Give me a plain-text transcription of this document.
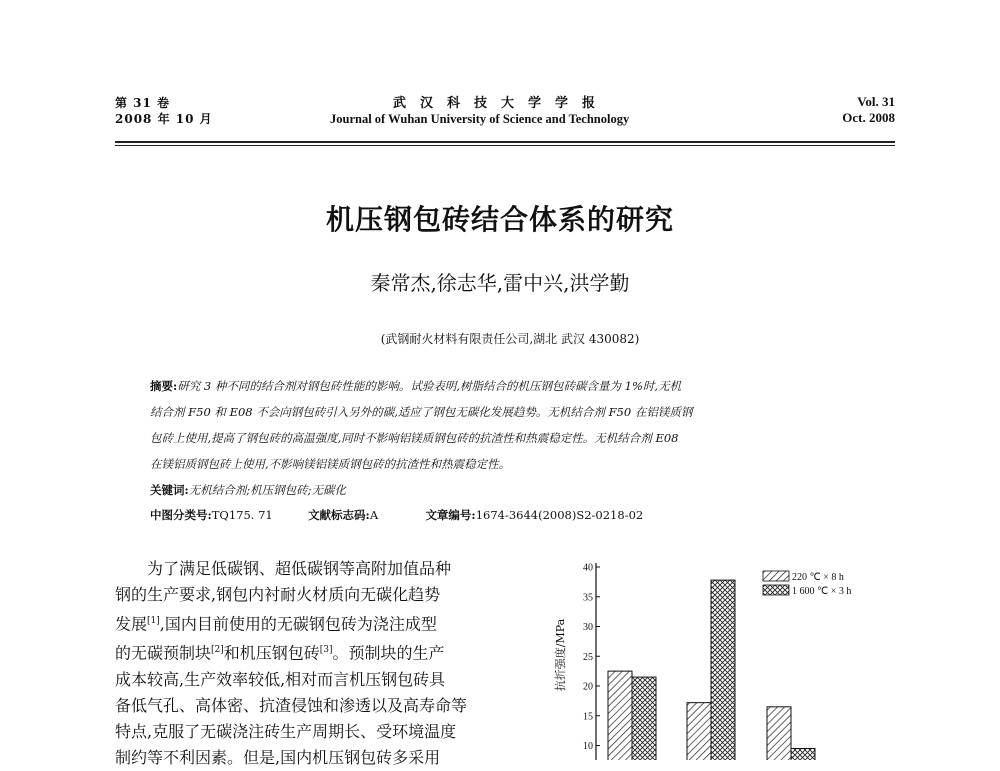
第 31 卷
2008 年 10 月
武汉科技大学学报
Journal of Wuhan University of Science and Technology
Vol. 31
Oct. 2008
机压钢包砖结合体系的研究
秦常杰,徐志华,雷中兴,洪学勤
(武钢耐火材料有限责任公司,湖北 武汉 430082)
摘要:研究 3 种不同的结合剂对钢包砖性能的影响。试验表明,树脂结合的机压钢包砖碳含量为 1%时,无机
结合剂 F50 和 E08 不会向钢包砖引入另外的碳,适应了钢包无碳化发展趋势。无机结合剂 F50 在铝镁质钢
包砖上使用,提高了钢包砖的高温强度,同时不影响铝镁质钢包砖的抗渣性和热震稳定性。无机结合剂 E08
在镁铝质钢包砖上使用,不影响镁铝镁质钢包砖的抗渣性和热震稳定性。
关键词:无机结合剂;机压钢包砖;无碳化
中图分类号:TQ175. 71	文献标志码:A	文章编号:1674-3644(2008)S2-0218-02
为了满足低碳钢、超低碳钢等高附加值品种
钢的生产要求,钢包内衬耐火材质向无碳化趋势
发展[1],国内目前使用的无碳钢包砖为浇注成型
的无碳预制块[2]和机压钢包砖[3]。预制块的生产
成本较高,生产效率较低,相对而言机压钢包砖具
备低气孔、高体密、抗渣侵蚀和渗透以及高寿命等
特点,克服了无碳浇注砖生产周期长、受环境温度
制约等不利因素。但是,国内机压钢包砖多采用
抗折强度/MPa
40
35
30
25
20
15
10
220 ℃ × 8 h
1 600 ℃ × 3 h
